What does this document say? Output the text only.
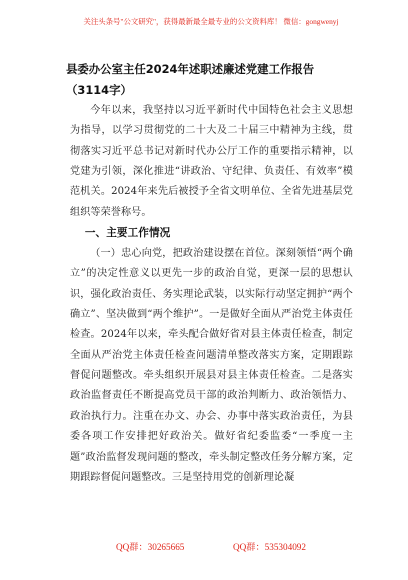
关注头条号"公文研究"，获得最新最全最专业的公文资料库！ 微信：gongwenyj
县委办公室主任2024年述职述廉述党建工作报告（3114字）

今年以来，我坚持以习近平新时代中国特色社会主义思想为指导，以学习贯彻党的二十大及二十届三中精神为主线，贯彻落实习近平总书记对新时代办公厅工作的重要指示精神，以党建为引领，深化推进“讲政治、守纪律、负责任、有效率”模范机关。2024年来先后被授予全省文明单位、全省先进基层党组织等荣誉称号。

一、主要工作情况

（一）忠心向党，把政治建设摆在首位。深刻领悟“两个确立”的决定性意义以更先一步的政治自觉，更深一层的思想认识，强化政治责任、务实理论武装，以实际行动坚定拥护“两个确立”、坚决做到“两个维护”。一是做好全面从严治党主体责任检查。2024年以来，牵头配合做好省对县主体责任检查，制定全面从严治党主体责任检查问题清单整改落实方案，定期跟踪督促问题整改。牵头组织开展县对县主体责任检查。二是落实政治监督责任不断提高党员干部的政治判断力、政治领悟力、政治执行力。注重在办文、办会、办事中落实政治责任，为县委各项工作安排把好政治关。做好省纪委监委“一季度一主题”政治监督发现问题的整改，牵头制定整改任务分解方案，定期跟踪督促问题整改。三是坚持用党的创新理论凝

QQ群：30265665	QQ群：535304092
